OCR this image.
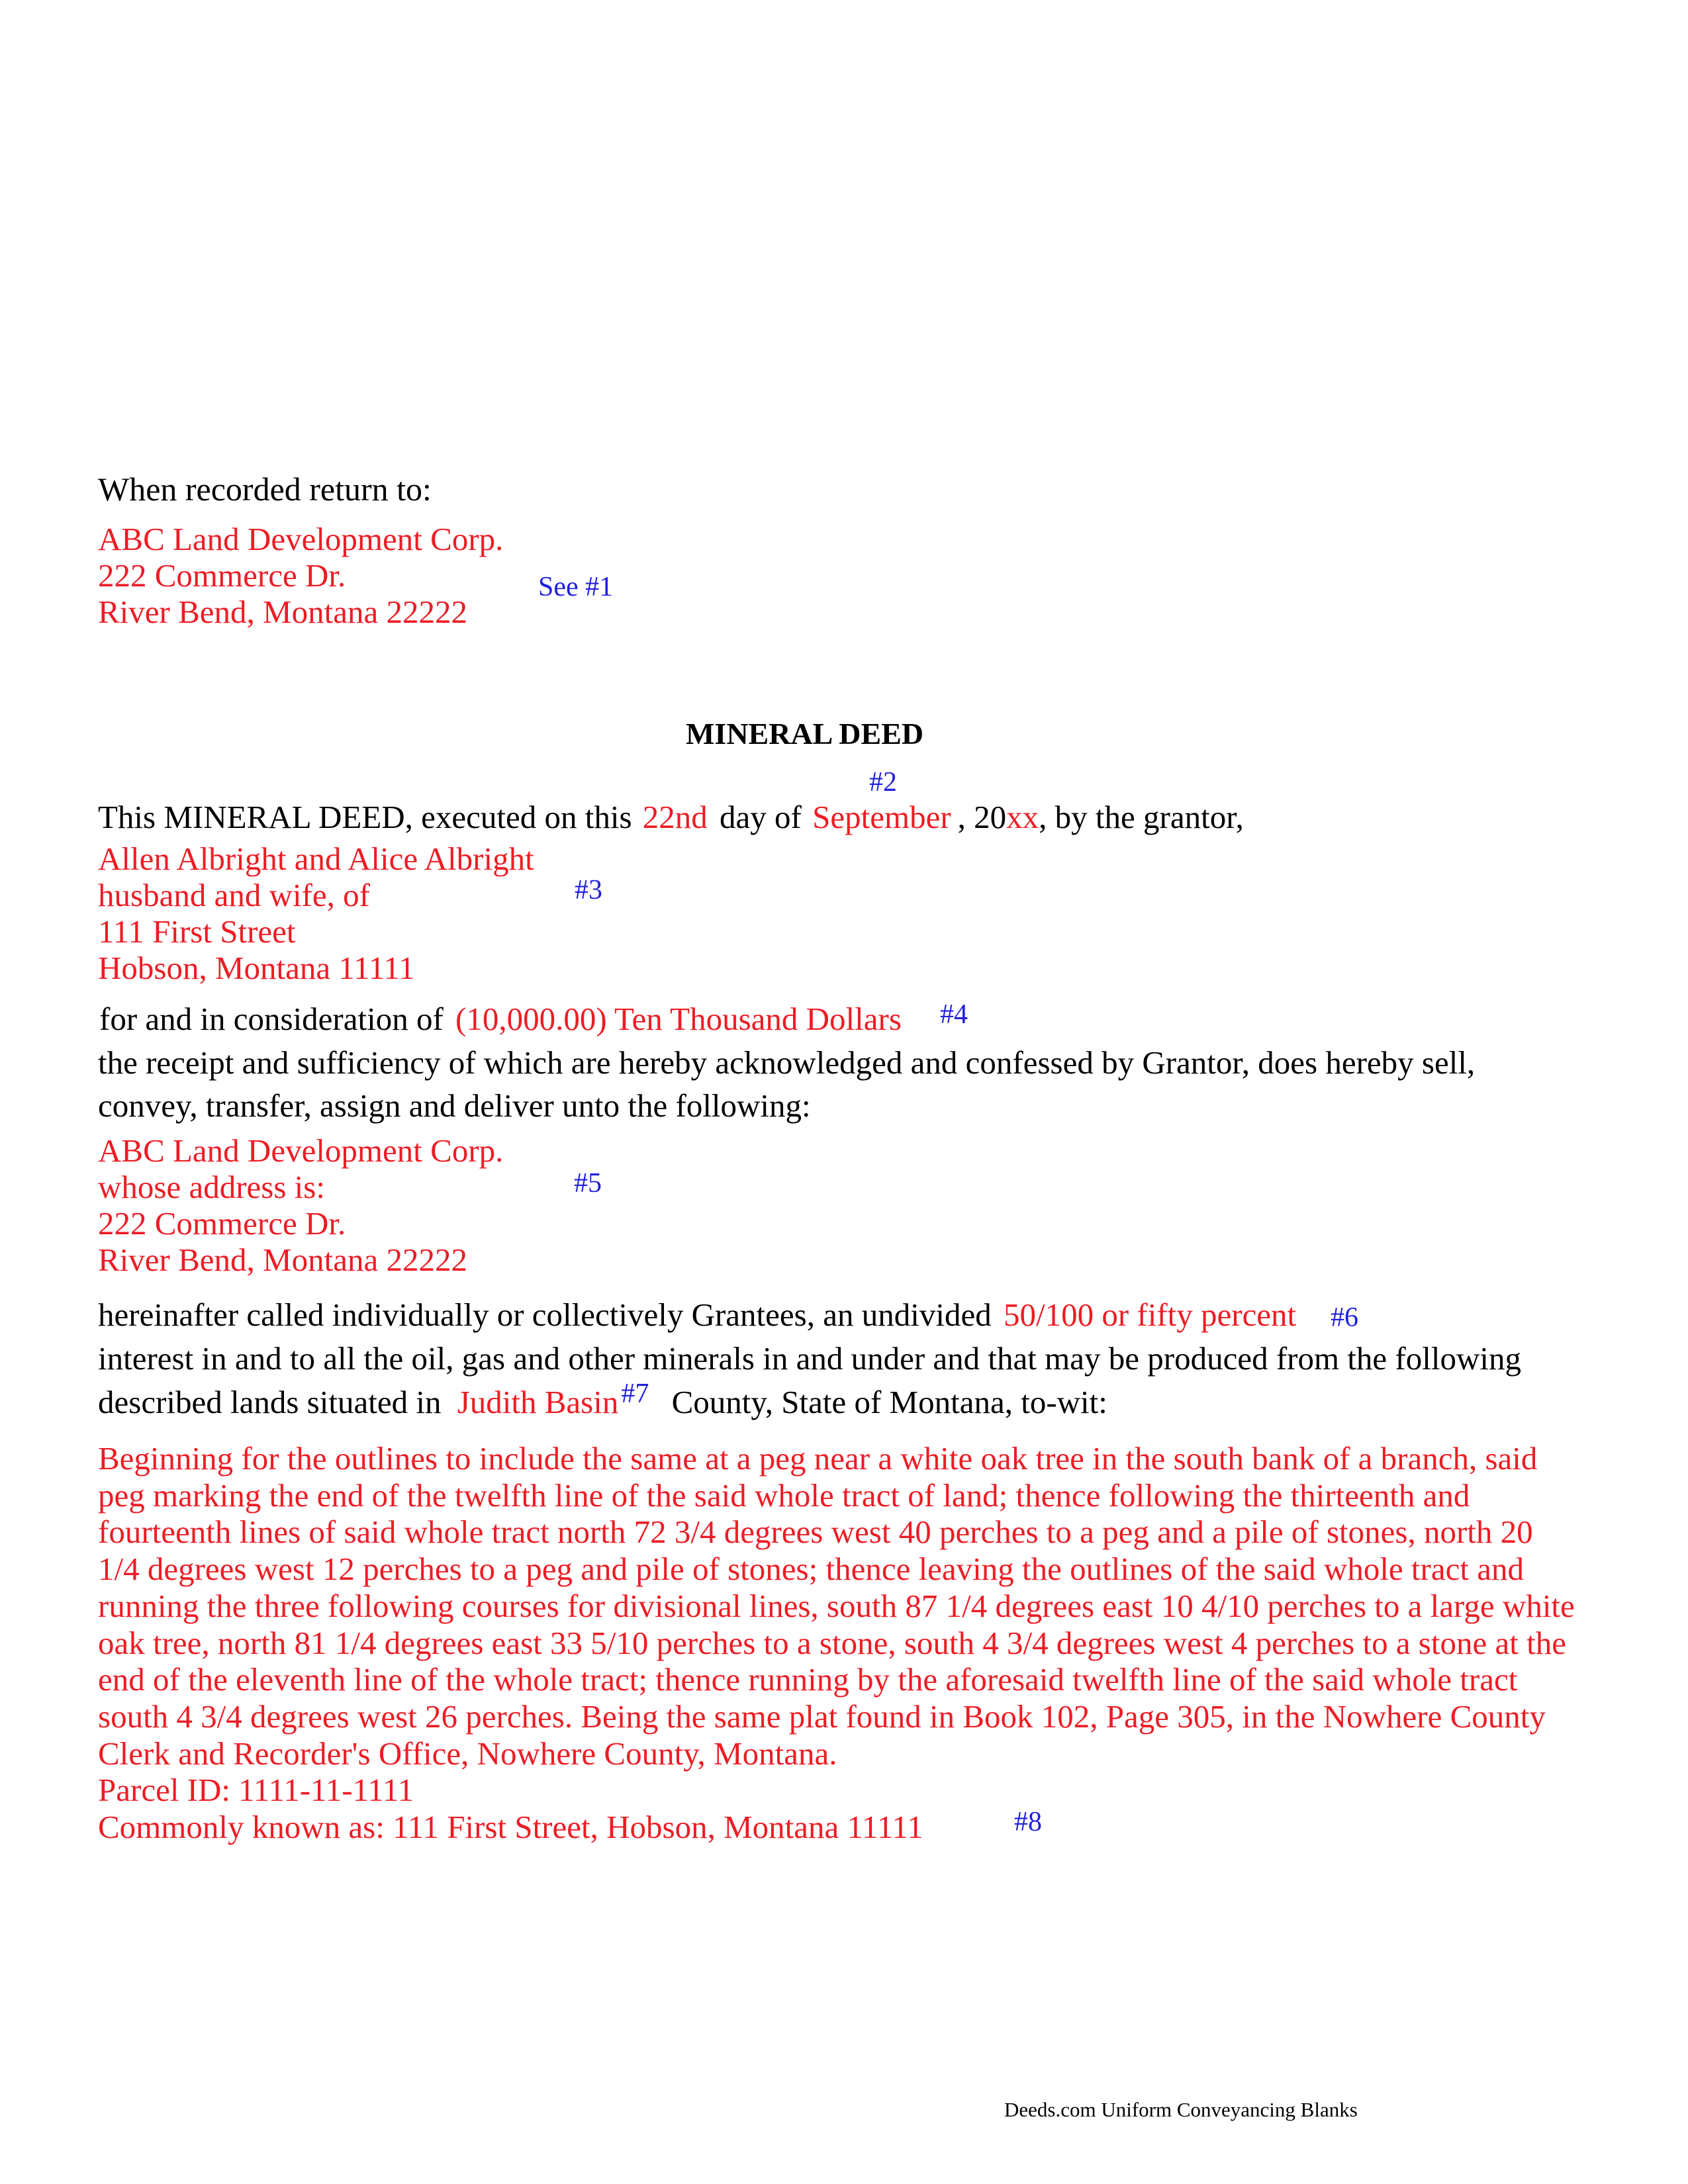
When recorded return to:
ABC Land Development Corp.
222 Commerce Dr.
River Bend, Montana 22222
See #1
MINERAL DEED
#2
This MINERAL DEED, executed on this 22nd day of September , 20xx, by the grantor,
Allen Albright and Alice Albright
husband and wife, of
111 First Street
Hobson, Montana 11111
#3
for and in consideration of (10,000.00) Ten Thousand Dollars #4
the receipt and sufficiency of which are hereby acknowledged and confessed by Grantor, does hereby sell,
convey, transfer, assign and deliver unto the following:
ABC Land Development Corp.
whose address is:
222 Commerce Dr.
River Bend, Montana 22222
#5
hereinafter called individually or collectively Grantees, an undivided 50/100 or fifty percent #6
interest in and to all the oil, gas and other minerals in and under and that may be produced from the following
described lands situated in Judith Basin#7 County, State of Montana, to-wit:
Beginning for the outlines to include the same at a peg near a white oak tree in the south bank of a branch, said peg marking the end of the twelfth line of the said whole tract of land; thence following the thirteenth and fourteenth lines of said whole tract north 72 3/4 degrees west 40 perches to a peg and a pile of stones, north 20 1/4 degrees west 12 perches to a peg and pile of stones; thence leaving the outlines of the said whole tract and running the three following courses for divisional lines, south 87 1/4 degrees east 10 4/10 perches to a large white oak tree, north 81 1/4 degrees east 33 5/10 perches to a stone, south 4 3/4 degrees west 4 perches to a stone at the end of the eleventh line of the whole tract; thence running by the aforesaid twelfth line of the said whole tract south 4 3/4 degrees west 26 perches. Being the same plat found in Book 102, Page 305, in the Nowhere County Clerk and Recorder's Office, Nowhere County, Montana.
Parcel ID: 1111-11-1111
Commonly known as: 111 First Street, Hobson, Montana 11111	#8
Deeds.com Uniform Conveyancing Blanks
